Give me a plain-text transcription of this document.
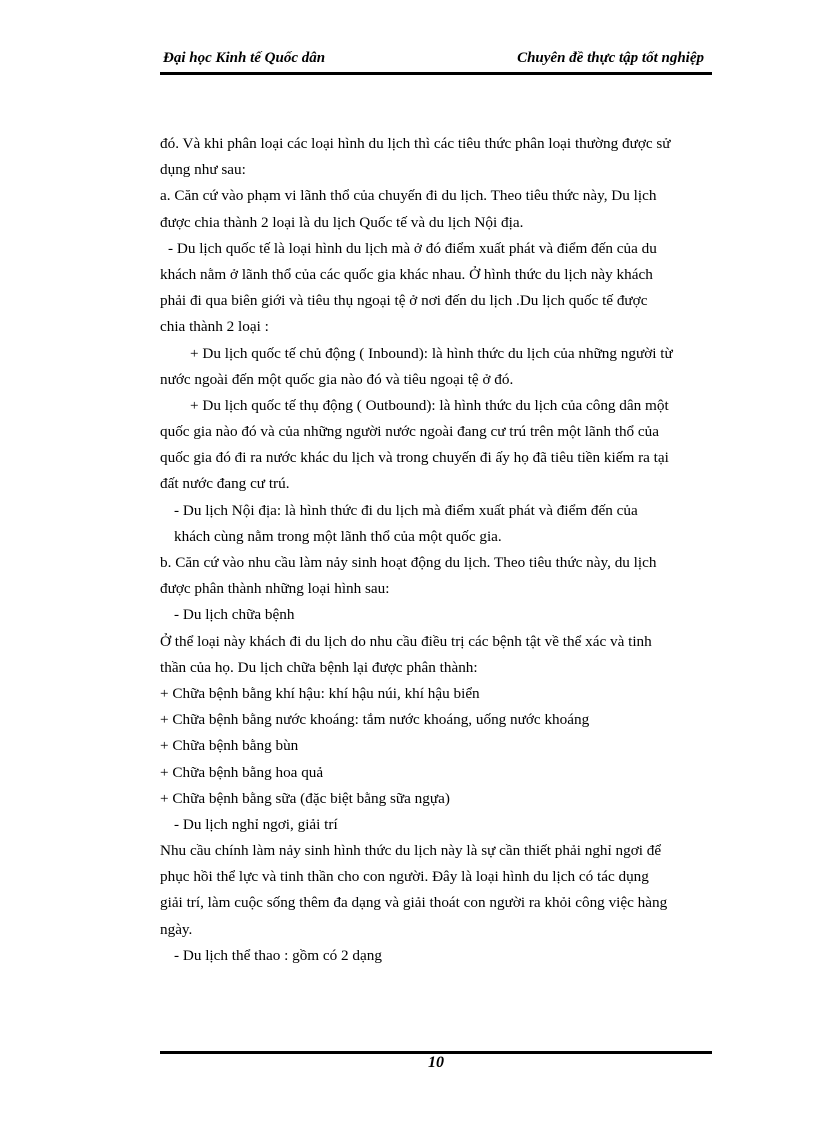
Đại học Kinh tế Quốc dân	Chuyên đề thực tập tốt nghiệp
đó. Và khi phân loại các loại hình du lịch thì các tiêu thức phân loại thường được sử
dụng như sau:
a. Căn cứ vào phạm vi lãnh thổ của chuyến đi du lịch. Theo tiêu thức này, Du lịch
được chia thành 2 loại là du lịch Quốc tế và du lịch Nội địa.
- Du lịch quốc tế là loại hình du lịch mà ở đó điểm xuất phát và điểm đến của du
khách nằm ở lãnh thổ của các quốc gia khác nhau. Ở hình thức du lịch này khách
phải đi qua biên giới và tiêu thụ ngoại tệ ở nơi đến du lịch .Du lịch quốc tế được
chia thành 2 loại :
+ Du lịch quốc tế chủ động ( Inbound): là hình thức du lịch của những người từ
nước ngoài đến một quốc gia nào đó và tiêu ngoại tệ ở đó.
+ Du lịch quốc tế thụ động ( Outbound): là hình thức du lịch của công dân một
quốc gia nào đó và của những người nước ngoài đang cư trú trên một lãnh thổ của
quốc gia đó đi ra nước khác du lịch và trong chuyến đi ấy họ đã tiêu tiền kiếm ra tại
đất nước đang cư trú.
- Du lịch Nội địa: là hình thức đi du lịch mà điểm xuất phát và điểm đến của
khách cùng nằm trong một lãnh thổ của một quốc gia.
b. Căn cứ vào nhu cầu làm nảy sinh hoạt động du lịch. Theo tiêu thức này, du lịch
được phân thành những loại hình sau:
- Du lịch chữa bệnh
Ở thể loại này khách đi du lịch do nhu cầu điều trị các bệnh tật về thể xác và tinh
thần của họ. Du lịch chữa bệnh lại được phân thành:
+ Chữa bệnh bằng khí hậu: khí hậu núi, khí hậu biển
+ Chữa bệnh bằng nước khoáng: tắm nước khoáng, uống nước khoáng
+ Chữa bệnh bằng bùn
+ Chữa bệnh bằng hoa quả
+ Chữa bệnh bằng sữa (đặc biệt bằng sữa ngựa)
- Du lịch nghỉ ngơi, giải trí
Nhu cầu chính làm nảy sinh hình thức du lịch này là sự cần thiết phải nghỉ ngơi để
phục hồi thể lực và tinh thần cho con người. Đây là loại hình du lịch có tác dụng
giải trí, làm cuộc sống thêm đa dạng và giải thoát con người ra khỏi công việc hàng
ngày.
- Du lịch thể thao : gồm có 2 dạng
10
